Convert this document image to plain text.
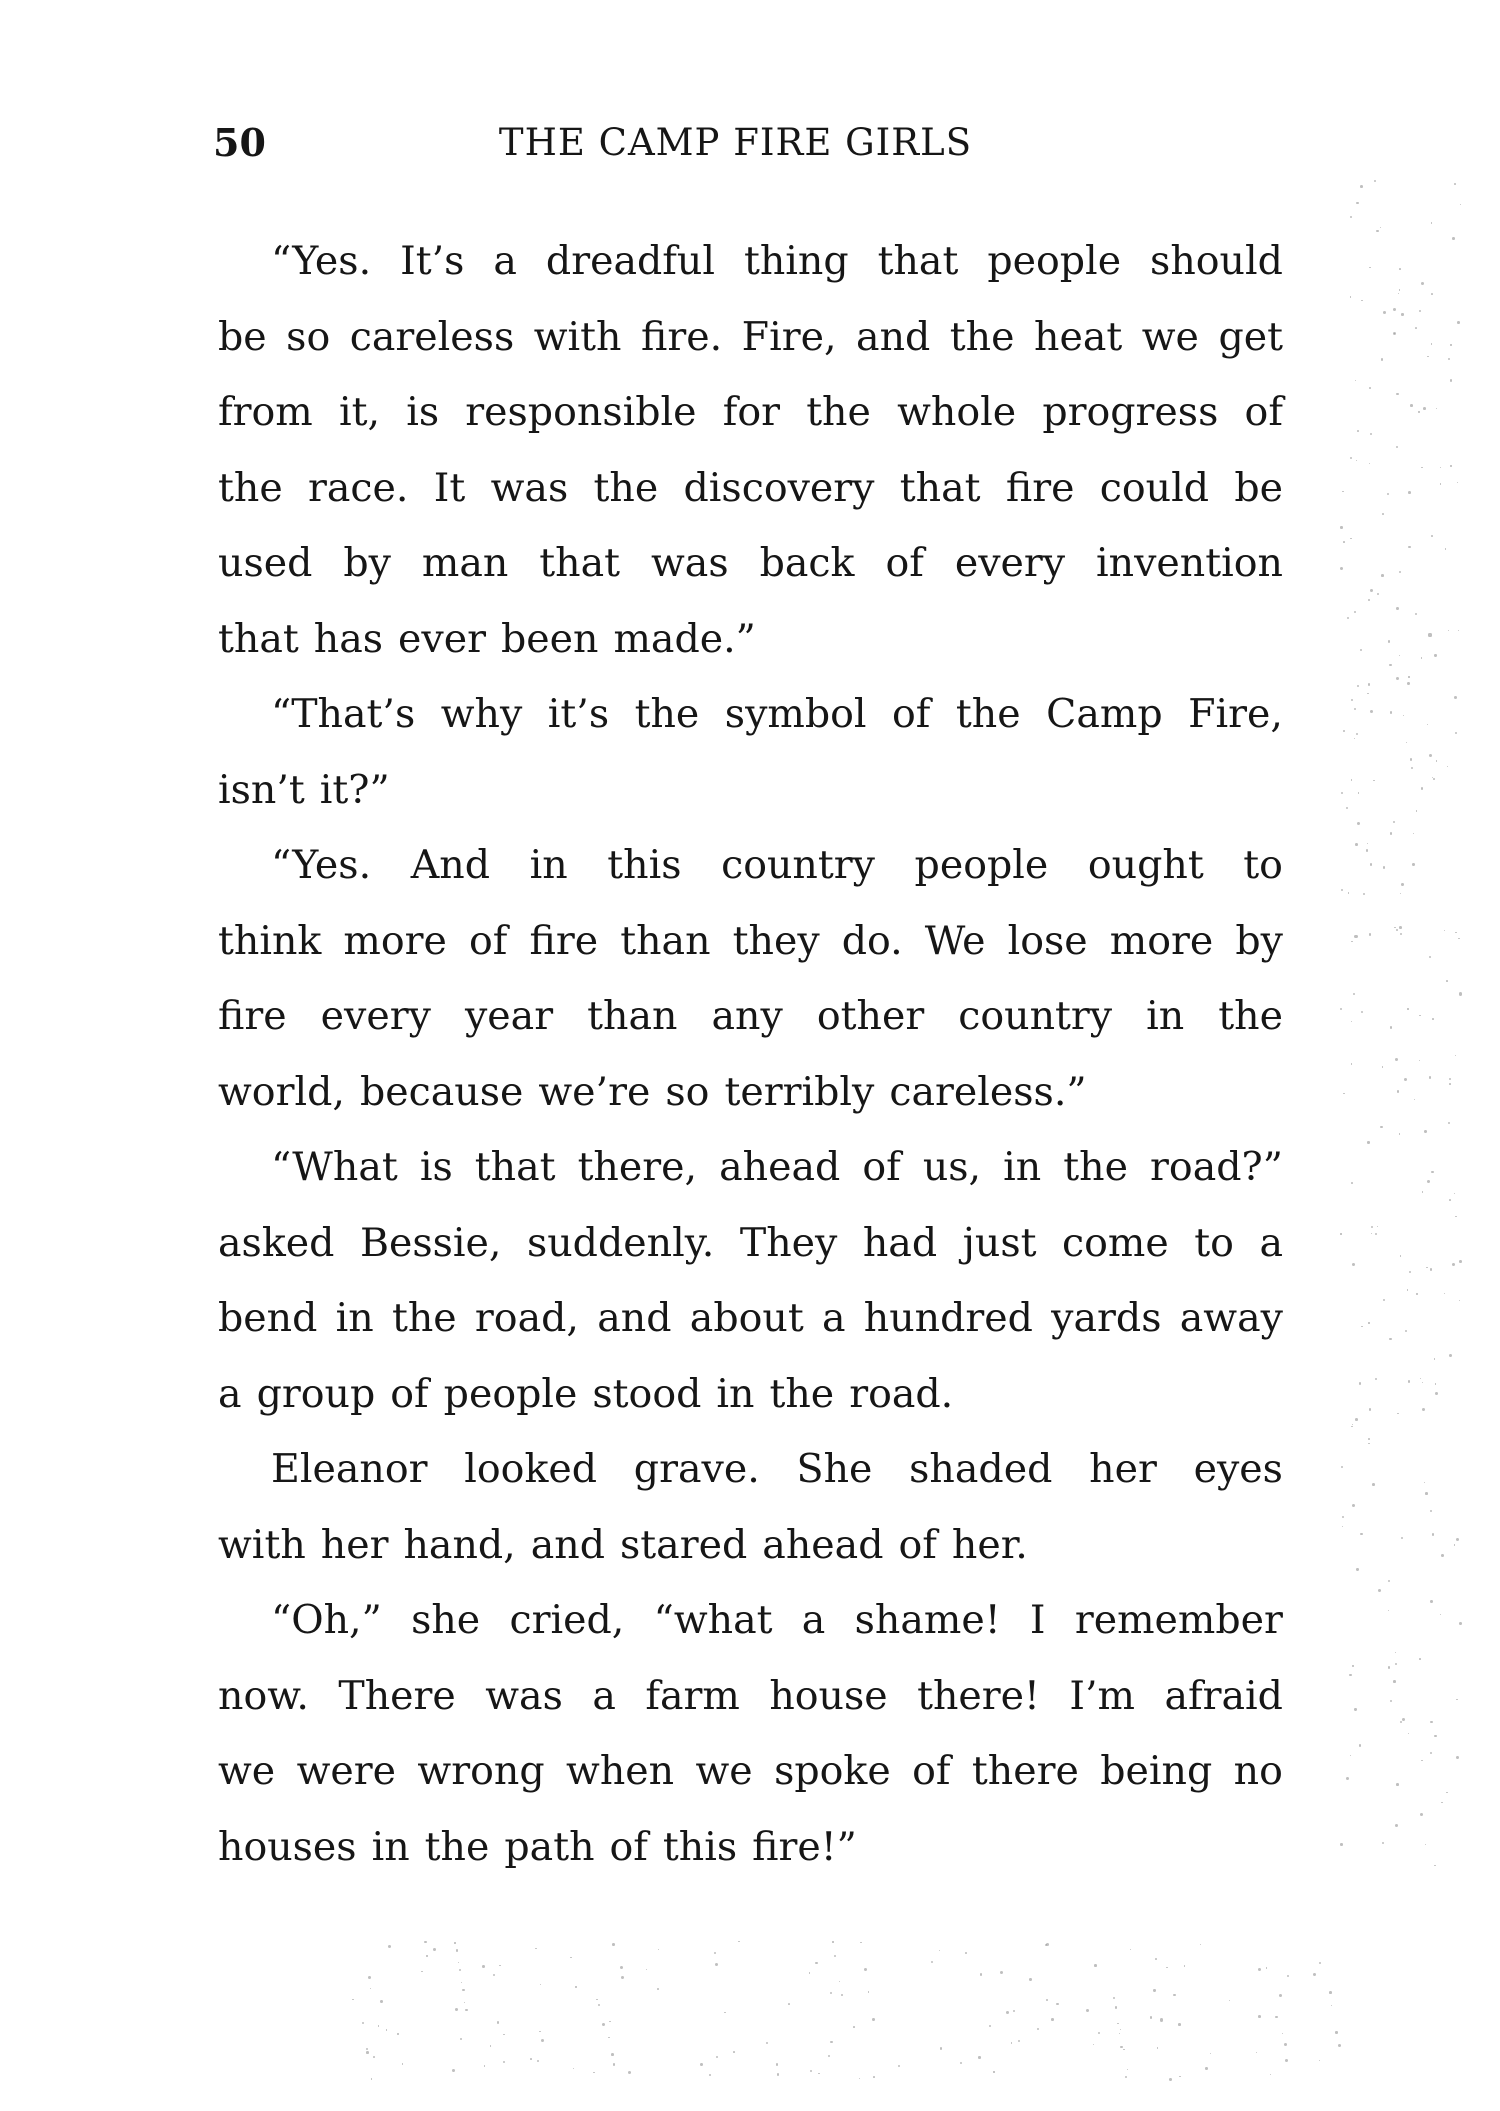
50	THE CAMP FIRE GIRLS
“Yes. It’s a dreadful thing that people should
be so careless with fire. Fire, and the heat we get
from it, is responsible for the whole progress of
the race. It was the discovery that fire could be
used by man that was back of every invention
that has ever been made.”
“That’s why it’s the symbol of the Camp Fire,
isn’t it?”
“Yes. And in this country people ought to
think more of fire than they do. We lose more by
fire every year than any other country in the
world, because we’re so terribly careless.”
“What is that there, ahead of us, in the road?”
asked Bessie, suddenly. They had just come to a
bend in the road, and about a hundred yards away
a group of people stood in the road.
Eleanor looked grave. She shaded her eyes
with her hand, and stared ahead of her.
“Oh,” she cried, “what a shame! I remember
now. There was a farm house there! I’m afraid
we were wrong when we spoke of there being no
houses in the path of this fire!”
